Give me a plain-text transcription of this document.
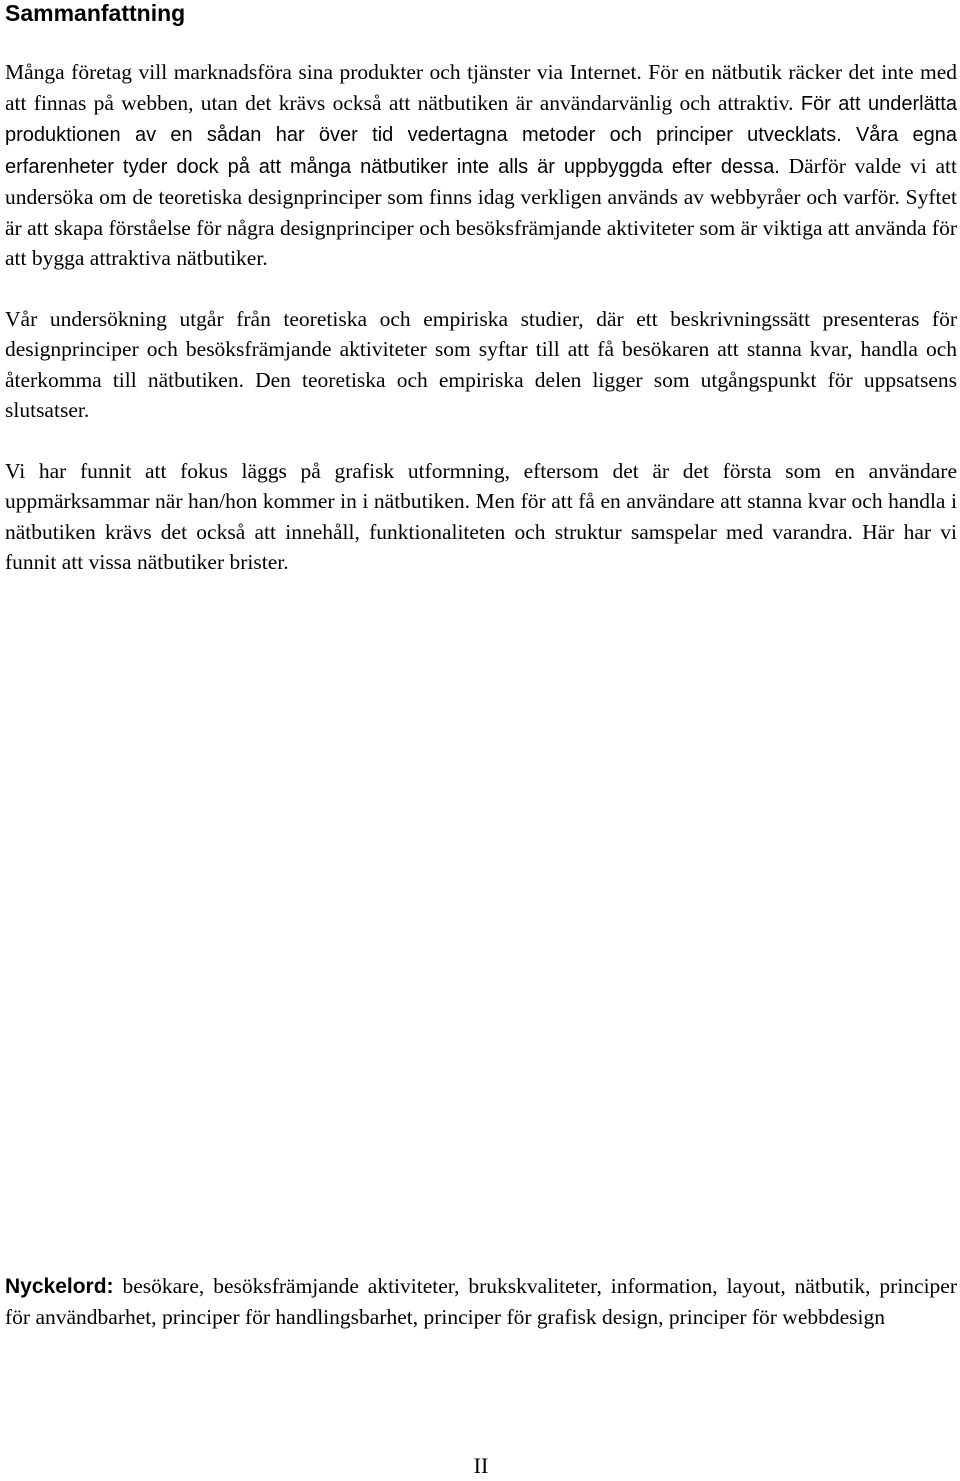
Sammanfattning

Många företag vill marknadsföra sina produkter och tjänster via Internet. För en nätbutik räcker det inte med att finnas på webben, utan det krävs också att nätbutiken är användarvänlig och attraktiv. För att underlätta produktionen av en sådan har över tid vedertagna metoder och principer utvecklats. Våra egna erfarenheter tyder dock på att många nätbutiker inte alls är uppbyggda efter dessa. Därför valde vi att undersöka om de teoretiska designprinciper som finns idag verkligen används av webbyråer och varför. Syftet är att skapa förståelse för några designprinciper och besöksfrämjande aktiviteter som är viktiga att använda för att bygga attraktiva nätbutiker.

Vår undersökning utgår från teoretiska och empiriska studier, där ett beskrivningssätt presenteras för designprinciper och besöksfrämjande aktiviteter som syftar till att få besökaren att stanna kvar, handla och återkomma till nätbutiken. Den teoretiska och empiriska delen ligger som utgångspunkt för uppsatsens slutsatser.

Vi har funnit att fokus läggs på grafisk utformning, eftersom det är det första som en användare uppmärksammar när han/hon kommer in i nätbutiken. Men för att få en användare att stanna kvar och handla i nätbutiken krävs det också att innehåll, funktionaliteten och struktur samspelar med varandra. Här har vi funnit att vissa nätbutiker brister.

Nyckelord: besökare, besöksfrämjande aktiviteter, brukskvaliteter, information, layout, nätbutik, principer för användbarhet, principer för handlingsbarhet, principer för grafisk design, principer för webbdesign

II
